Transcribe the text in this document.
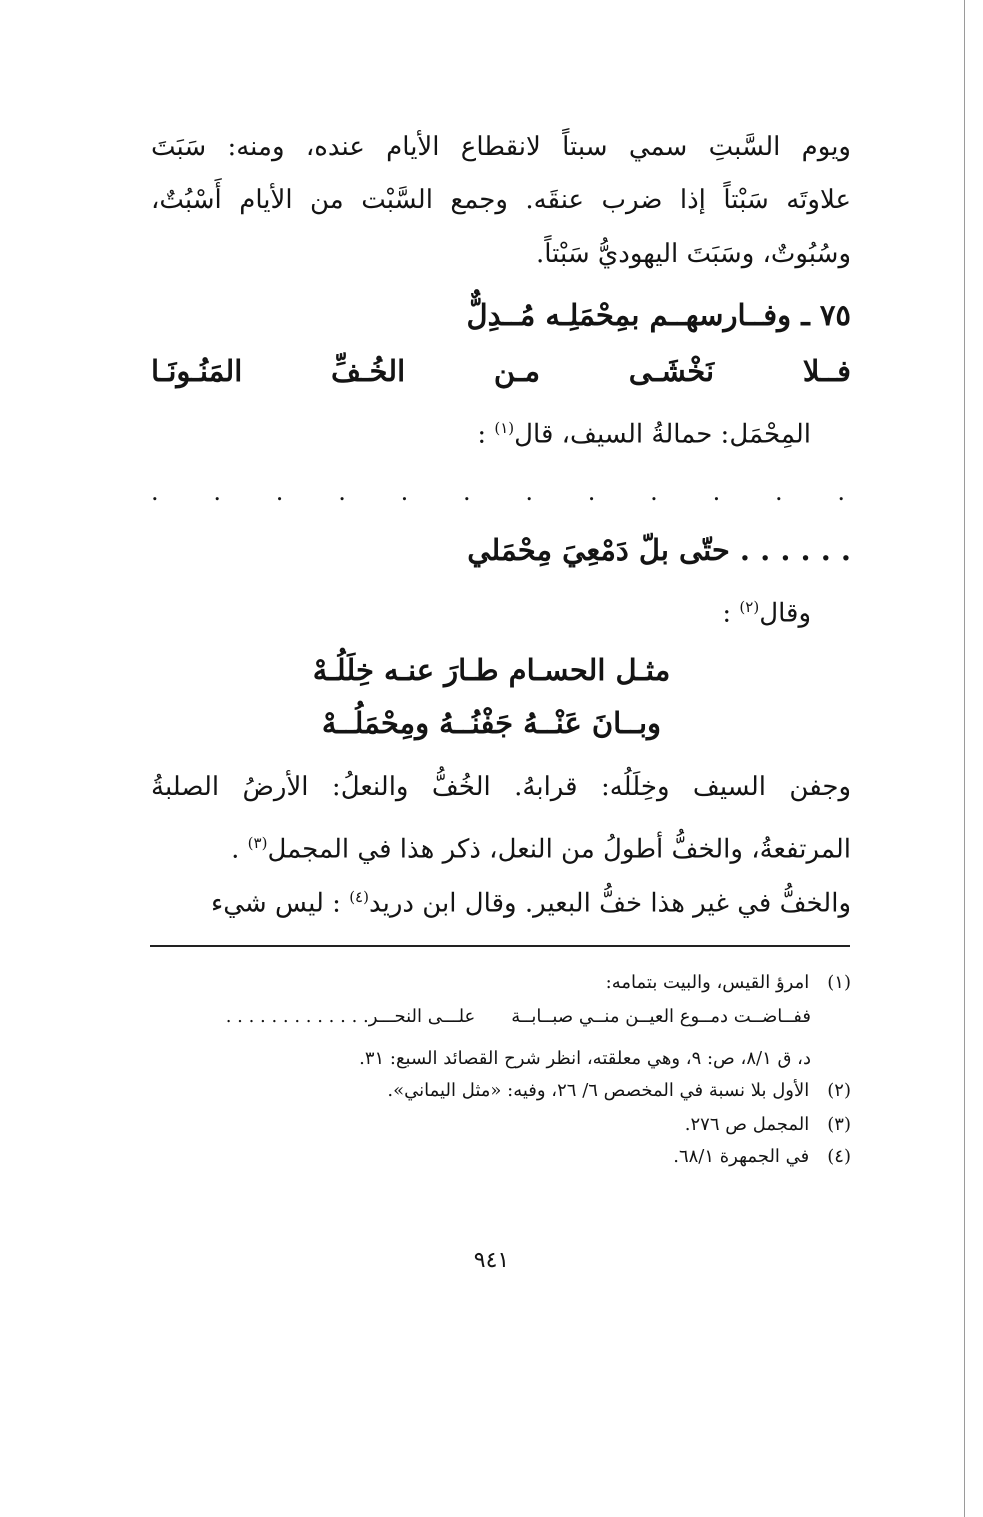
ويوم السَّبتِ سمي سبتاً لانقطاع الأيام عنده، ومنه: سَبَتَ
علاوتَه سَبْتاً إذا ضرب عنقَه. وجمع السَّبْت من الأيام أَسْبُتٌ،
وسُبُوتٌ، وسَبَتَ اليهوديُّ سَبْتاً.
٧٥ ـ وفــارسهــم بمِحْمَلِـه مُــدِلٌّ
فــلا نَخْشَـى مـن الخُـفِّ المَنُـونَـا
المِحْمَل: حمالةُ السيف، قال$^{(١)}$ :
. . . . . . . . . . . .
. . . . . . حتّى بلّ دَمْعِيَ مِحْمَلي
وقال$^{(٢)}$ :
مثـل الحسـام طـارَ عنـه خِلَلُـهْ
وبــانَ عَنْــهُ جَفْنُــهُ ومِحْمَلُــهْ
وجفن السيف وخِلَلُه: قرابهُ. الخُفُّ والنعلُ: الأرضُ الصلبةُ
المرتفعةُ، والخفُّ أطولُ من النعل، ذكر هذا في المجمل$^{(٣)}$ .
والخفُّ في غير هذا خفُّ البعير. وقال ابن دريد$^{(٤)}$ : ليس شيء
(١) امرؤ القيس، والبيت بتمامه:
ففــاضــت دمــوع العيــن منــي صبــابــة علـــى النحـــر. . . . . . . . . . . . .
د، ق ٨/١، ص: ٩، وهي معلقته، انظر شرح القصائد السبع: ٣١.
(٢) الأول بلا نسبة في المخصص ٦/ ٢٦، وفيه: «مثل اليماني».
(٣) المجمل ص ٢٧٦.
(٤) في الجمهرة ٦٨/١.
٩٤١
